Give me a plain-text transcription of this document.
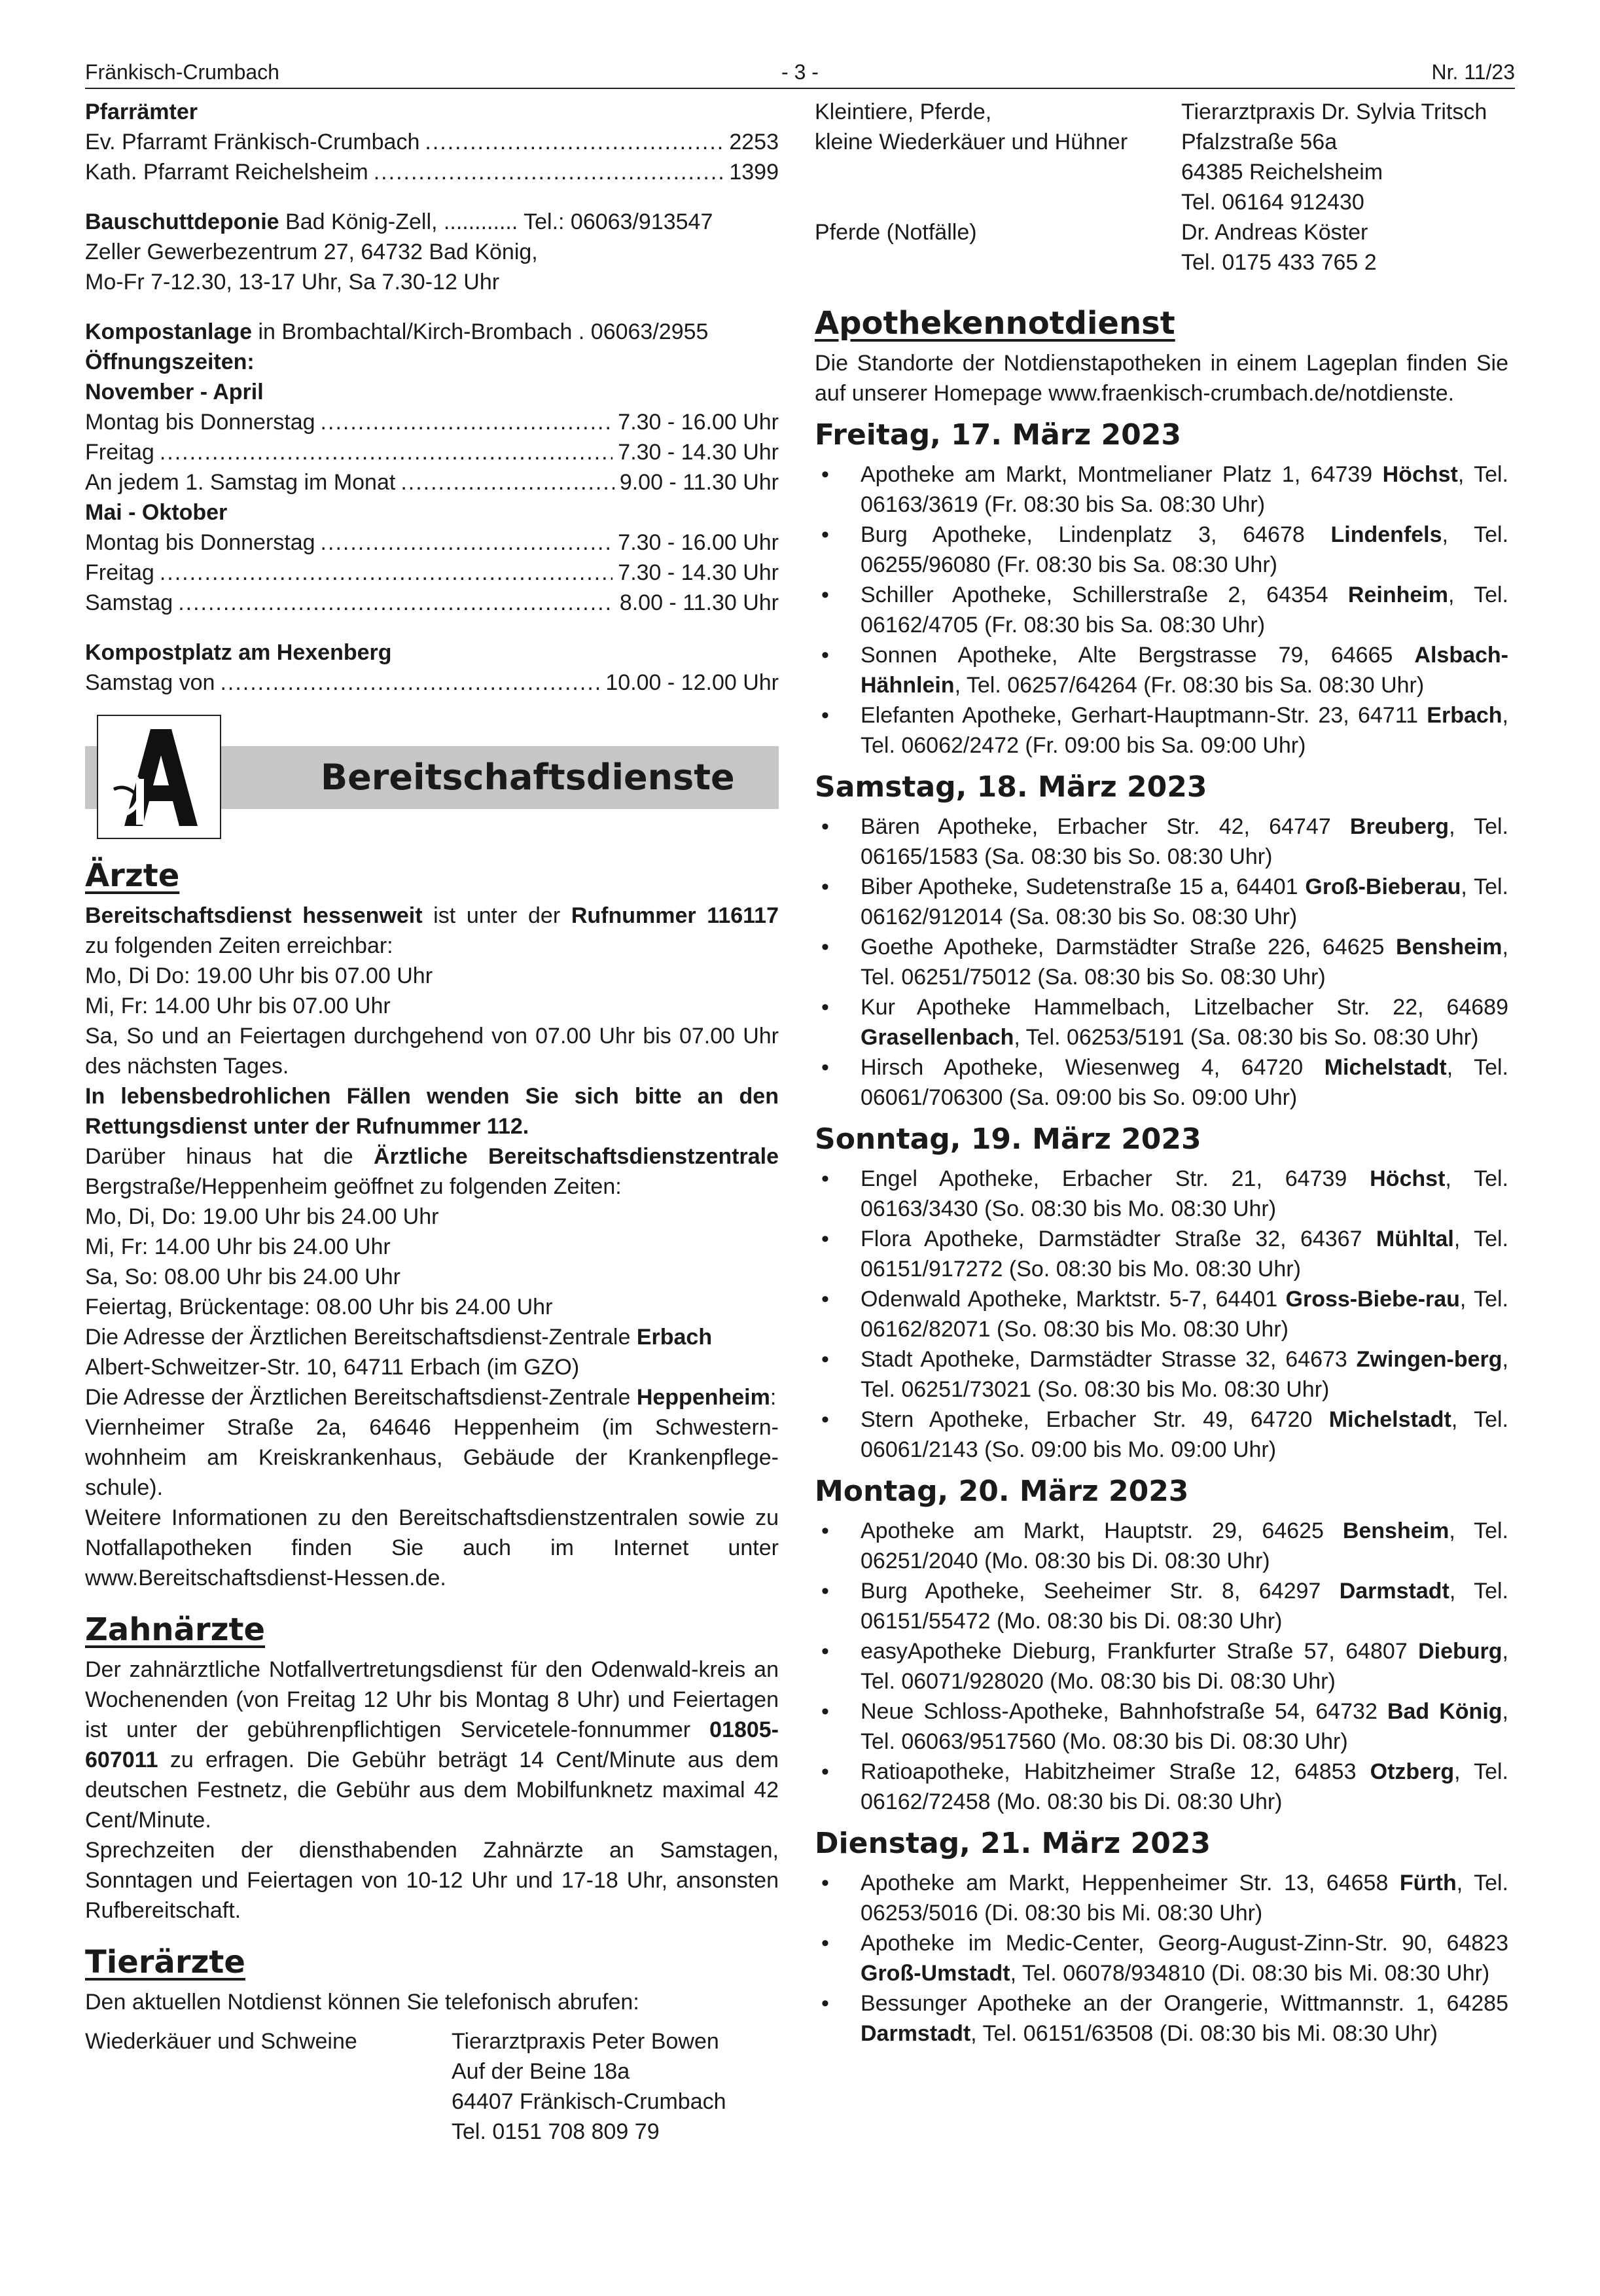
Fränkisch-Crumbach	- 3 -	Nr. 11/23
Pfarrämter
Ev. Pfarramt Fränkisch-Crumbach .....	2253
Kath. Pfarramt Reichelsheim .....	1399
Bauschuttdeponie Bad König-Zell, ............ Tel.: 06063/913547
Zeller Gewerbezentrum 27, 64732 Bad König,
Mo-Fr 7-12.30, 13-17 Uhr, Sa 7.30-12 Uhr
Kompostanlage in Brombachtal/Kirch-Brombach . 06063/2955
Öffnungszeiten:
November - April
Montag bis Donnerstag .....	7.30 - 16.00 Uhr
Freitag .....	7.30 - 14.30 Uhr
An jedem 1. Samstag im Monat .....	9.00 - 11.30 Uhr
Mai - Oktober
Montag bis Donnerstag .....	7.30 - 16.00 Uhr
Freitag .....	7.30 - 14.30 Uhr
Samstag .....	8.00 - 11.30 Uhr
Kompostplatz am Hexenberg
Samstag von .....	10.00 - 12.00 Uhr
Bereitschaftsdienste
Ärzte
Bereitschaftsdienst hessenweit ist unter der Rufnummer 116117 zu folgenden Zeiten erreichbar:
Mo, Di Do: 19.00 Uhr bis 07.00 Uhr
Mi, Fr: 14.00 Uhr bis 07.00 Uhr
Sa, So und an Feiertagen durchgehend von 07.00 Uhr bis 07.00 Uhr des nächsten Tages.
In lebensbedrohlichen Fällen wenden Sie sich bitte an den Rettungsdienst unter der Rufnummer 112.
Darüber hinaus hat die Ärztliche Bereitschaftsdienstzentrale Bergstraße/Heppenheim geöffnet zu folgenden Zeiten:
Mo, Di, Do: 19.00 Uhr bis 24.00 Uhr
Mi, Fr: 14.00 Uhr bis 24.00 Uhr
Sa, So: 08.00 Uhr bis 24.00 Uhr
Feiertag, Brückentage: 08.00 Uhr bis 24.00 Uhr
Die Adresse der Ärztlichen Bereitschaftsdienst-Zentrale Erbach Albert-Schweitzer-Str. 10, 64711 Erbach (im GZO)
Die Adresse der Ärztlichen Bereitschaftsdienst-Zentrale Heppenheim:
Viernheimer Straße 2a, 64646 Heppenheim (im Schwestern-wohnheim am Kreiskrankenhaus, Gebäude der Krankenpflege-schule).
Weitere Informationen zu den Bereitschaftsdienstzentralen sowie zu Notfallapotheken finden Sie auch im Internet unter www.Bereitschaftsdienst-Hessen.de.
Zahnärzte
Der zahnärztliche Notfallvertretungsdienst für den Odenwald-kreis an Wochenenden (von Freitag 12 Uhr bis Montag 8 Uhr) und Feiertagen ist unter der gebührenpflichtigen Servicetele-fonnummer 01805-607011 zu erfragen. Die Gebühr beträgt 14 Cent/Minute aus dem deutschen Festnetz, die Gebühr aus dem Mobilfunknetz maximal 42 Cent/Minute.
Sprechzeiten der diensthabenden Zahnärzte an Samstagen, Sonntagen und Feiertagen von 10-12 Uhr und 17-18 Uhr, ansonsten Rufbereitschaft.
Tierärzte
Den aktuellen Notdienst können Sie telefonisch abrufen:
Wiederkäuer und Schweine	Tierarztpraxis Peter Bowen
Auf der Beine 18a
64407 Fränkisch-Crumbach
Tel. 0151 708 809 79
Kleintiere, Pferde,
kleine Wiederkäuer und Hühner
Tierarztpraxis Dr. Sylvia Tritsch
Pfalzstraße 56a
64385 Reichelsheim
Tel. 06164 912430
Pferde (Notfälle)	Dr. Andreas Köster
Tel. 0175 433 765 2
Apothekennotdienst
Die Standorte der Notdienstapotheken in einem Lageplan finden Sie auf unserer Homepage www.fraenkisch-crumbach.de/notdienste.
Freitag, 17. März 2023
• Apotheke am Markt, Montmelianer Platz 1, 64739 Höchst, Tel. 06163/3619 (Fr. 08:30 bis Sa. 08:30 Uhr)
• Burg Apotheke, Lindenplatz 3, 64678 Lindenfels, Tel. 06255/96080 (Fr. 08:30 bis Sa. 08:30 Uhr)
• Schiller Apotheke, Schillerstraße 2, 64354 Reinheim, Tel. 06162/4705 (Fr. 08:30 bis Sa. 08:30 Uhr)
• Sonnen Apotheke, Alte Bergstrasse 79, 64665 Alsbach-Hähnlein, Tel. 06257/64264 (Fr. 08:30 bis Sa. 08:30 Uhr)
• Elefanten Apotheke, Gerhart-Hauptmann-Str. 23, 64711 Erbach, Tel. 06062/2472 (Fr. 09:00 bis Sa. 09:00 Uhr)
Samstag, 18. März 2023
• Bären Apotheke, Erbacher Str. 42, 64747 Breuberg, Tel. 06165/1583 (Sa. 08:30 bis So. 08:30 Uhr)
• Biber Apotheke, Sudetenstraße 15 a, 64401 Groß-Bieberau, Tel. 06162/912014 (Sa. 08:30 bis So. 08:30 Uhr)
• Goethe Apotheke, Darmstädter Straße 226, 64625 Bensheim, Tel. 06251/75012 (Sa. 08:30 bis So. 08:30 Uhr)
• Kur Apotheke Hammelbach, Litzelbacher Str. 22, 64689 Grasellenbach, Tel. 06253/5191 (Sa. 08:30 bis So. 08:30 Uhr)
• Hirsch Apotheke, Wiesenweg 4, 64720 Michelstadt, Tel. 06061/706300 (Sa. 09:00 bis So. 09:00 Uhr)
Sonntag, 19. März 2023
• Engel Apotheke, Erbacher Str. 21, 64739 Höchst, Tel. 06163/3430 (So. 08:30 bis Mo. 08:30 Uhr)
• Flora Apotheke, Darmstädter Straße 32, 64367 Mühltal, Tel. 06151/917272 (So. 08:30 bis Mo. 08:30 Uhr)
• Odenwald Apotheke, Marktstr. 5-7, 64401 Gross-Biebe-rau, Tel. 06162/82071 (So. 08:30 bis Mo. 08:30 Uhr)
• Stadt Apotheke, Darmstädter Strasse 32, 64673 Zwingen-berg, Tel. 06251/73021 (So. 08:30 bis Mo. 08:30 Uhr)
• Stern Apotheke, Erbacher Str. 49, 64720 Michelstadt, Tel. 06061/2143 (So. 09:00 bis Mo. 09:00 Uhr)
Montag, 20. März 2023
• Apotheke am Markt, Hauptstr. 29, 64625 Bensheim, Tel. 06251/2040 (Mo. 08:30 bis Di. 08:30 Uhr)
• Burg Apotheke, Seeheimer Str. 8, 64297 Darmstadt, Tel. 06151/55472 (Mo. 08:30 bis Di. 08:30 Uhr)
• easyApotheke Dieburg, Frankfurter Straße 57, 64807 Dieburg, Tel. 06071/928020 (Mo. 08:30 bis Di. 08:30 Uhr)
• Neue Schloss-Apotheke, Bahnhofstraße 54, 64732 Bad König, Tel. 06063/9517560 (Mo. 08:30 bis Di. 08:30 Uhr)
• Ratioapotheke, Habitzheimer Straße 12, 64853 Otzberg, Tel. 06162/72458 (Mo. 08:30 bis Di. 08:30 Uhr)
Dienstag, 21. März 2023
• Apotheke am Markt, Heppenheimer Str. 13, 64658 Fürth, Tel. 06253/5016 (Di. 08:30 bis Mi. 08:30 Uhr)
• Apotheke im Medic-Center, Georg-August-Zinn-Str. 90, 64823 Groß-Umstadt, Tel. 06078/934810 (Di. 08:30 bis Mi. 08:30 Uhr)
• Bessunger Apotheke an der Orangerie, Wittmannstr. 1, 64285 Darmstadt, Tel. 06151/63508 (Di. 08:30 bis Mi. 08:30 Uhr)
